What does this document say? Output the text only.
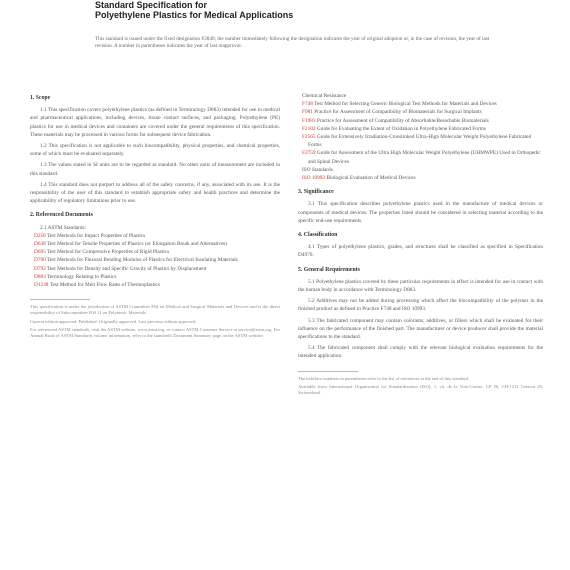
Standard Specification for
Polyethylene Plastics for Medical Applications
This standard is issued under the fixed designation F2848; the number immediately following the designation indicates the year of original adoption or, in the case of revision, the year of last revision. A number in parentheses indicates the year of last reapproval.
1. Scope

1.1 This specification covers polyethylene plastics (as defined in Terminology D883) intended for use in medical and pharmaceutical applications, including devices, tissue contact surfaces, and packaging. Polyethylene (PE) plastics for use in medical devices and containers are covered under the general requirements of this specification. These materials may be processed in various forms for subsequent device fabrication.

1.2 This specification is not applicable to such biocompatibility, physical properties, and chemical properties, some of which must be evaluated separately.

1.3 The values stated in SI units are to be regarded as standard. No other units of measurement are included in this standard.

1.4 This standard does not purport to address all of the safety concerns, if any, associated with its use. It is the responsibility of the user of this standard to establish appropriate safety and health practices and determine the applicability of regulatory limitations prior to use.

2. Referenced Documents
2.1 ASTM Standards:
D256 Test Methods for Impact Properties of Plastics
D638 Test Method for Tensile Properties of Plastics (or Elongation Break and Alternatives)
D695 Test Method for Compressive Properties of Rigid Plastics
D790 Test Methods for Flexural Bending Modulus of Plastics for Electrical Insulating Materials
D792 Test Methods for Density and Specific Gravity of Plastics by Displacement
D883 Terminology Relating to Plastics
D1238 Test Method for Melt Flow Rates of Thermoplastics

This specification is under the jurisdiction of ASTM Committee F04 on Medical and Surgical Materials and Devices and is the direct responsibility of Subcommittee F04.11 on Polymeric Materials.

Current edition approved. Published. Originally approved. Last previous edition approved.

For referenced ASTM standards, visit the ASTM website, www.astm.org, or contact ASTM Customer Service at service@astm.org. For Annual Book of ASTM Standards volume information, refer to the standard's Document Summary page on the ASTM website.

Chemical Resistance
F748 Test Method for Selecting Generic Biological Test Methods for Materials and Devices
F981 Practice for Assessment of Compatibility of Biomaterials for Surgical Implants
F1983 Practice for Assessment of Compatibility of Absorbable/Resorbable Biomaterials
F2102 Guide for Evaluating the Extent of Oxidation in Polyethylene Fabricated Forms
F2565 Guide for Extensively Irradiation-Crosslinked Ultra-High Molecular Weight Polyethylene Fabricated Forms
F2759 Guide for Assessment of the Ultra High Molecular Weight Polyethylene (UHMWPE) Used in Orthopedic and Spinal Devices
ISO Standards
ISO 10993 Biological Evaluation of Medical Devices
3. Significance

3.1 This specification describes polyethylene plastics used in the manufacture of medical devices or components of medical devices. The properties listed should be considered in selecting material according to the specific end-use requirements.

4. Classification

4.1 Types of polyethylene plastics, grades, and structures shall be classified as specified in Specification D4976.

5. General Requirements

5.1 Polyethylene plastics covered by these particular requirements in effect is intended for use in contact with the human body in accordance with Terminology D883.

5.2 Additives may not be added during processing which affect the biocompatibility of the polymer in the finished product as defined in Practice F748 and ISO 10993.

5.3 The fabricated component may contain colorants, additives, or fillers which shall be evaluated for their influence on the performance of the finished part. The manufacturer or device producer shall provide the material specifications to the standard.

5.4 The fabricated component shall comply with the relevant biological evaluation requirements for the intended application.

The boldface numbers in parentheses refer to the list of references at the end of this standard.

Available from International Organization for Standardization (ISO), 1, ch. de la Voie-Creuse, CP 56, CH-1211 Geneva 20, Switzerland.
